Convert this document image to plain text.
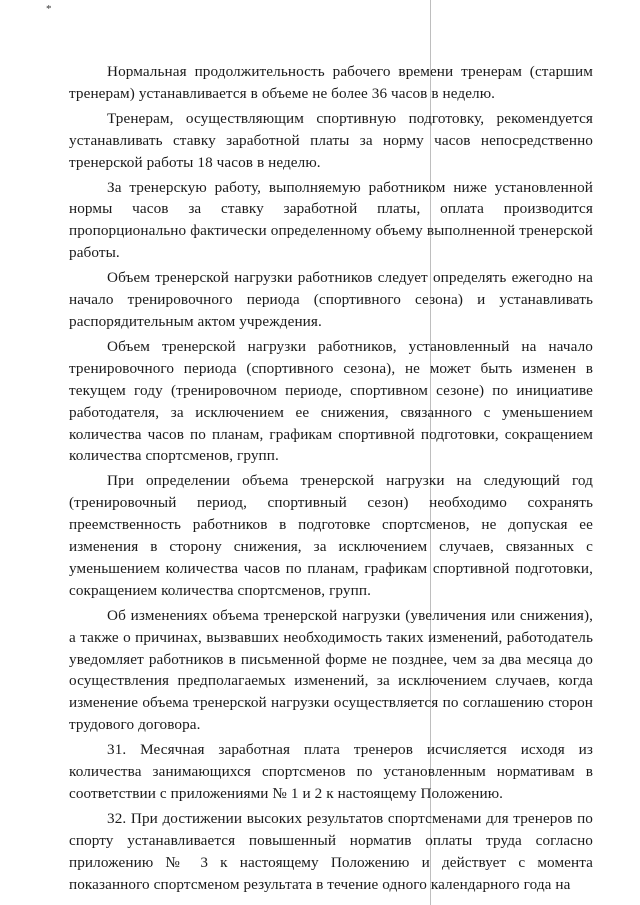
*

Нормальная продолжительность рабочего времени тренерам (старшим тренерам) устанавливается в объеме не более 36 часов в неделю.

Тренерам, осуществляющим спортивную подготовку, рекомендуется устанавливать ставку заработной платы за норму часов непосредственно тренерской работы 18 часов в неделю.

За тренерскую работу, выполняемую работником ниже установленной нормы часов за ставку заработной платы, оплата производится пропорционально фактически определенному объему выполненной тренерской работы.

Объем тренерской нагрузки работников следует определять ежегодно на начало тренировочного периода (спортивного сезона) и устанавливать распорядительным актом учреждения.

Объем тренерской нагрузки работников, установленный на начало тренировочного периода (спортивного сезона), не может быть изменен в текущем году (тренировочном периоде, спортивном сезоне) по инициативе работодателя, за исключением ее снижения, связанного с уменьшением количества часов по планам, графикам спортивной подготовки, сокращением количества спортсменов, групп.

При определении объема тренерской нагрузки на следующий год (тренировочный период, спортивный сезон) необходимо сохранять преемственность работников в подготовке спортсменов, не допуская ее изменения в сторону снижения, за исключением случаев, связанных с уменьшением количества часов по планам, графикам спортивной подготовки, сокращением количества спортсменов, групп.

Об изменениях объема тренерской нагрузки (увеличения или снижения), а также о причинах, вызвавших необходимость таких изменений, работодатель уведомляет работников в письменной форме не позднее, чем за два месяца до осуществления предполагаемых изменений, за исключением случаев, когда изменение объема тренерской нагрузки осуществляется по соглашению сторон трудового договора.

31. Месячная заработная плата тренеров исчисляется исходя из количества занимающихся спортсменов по установленным нормативам в соответствии с приложениями № 1 и 2 к настоящему Положению.

32. При достижении высоких результатов спортсменами для тренеров по спорту устанавливается повышенный норматив оплаты труда согласно приложению № 3 к настоящему Положению и действует с момента показанного спортсменом результата в течение одного календарного года на
